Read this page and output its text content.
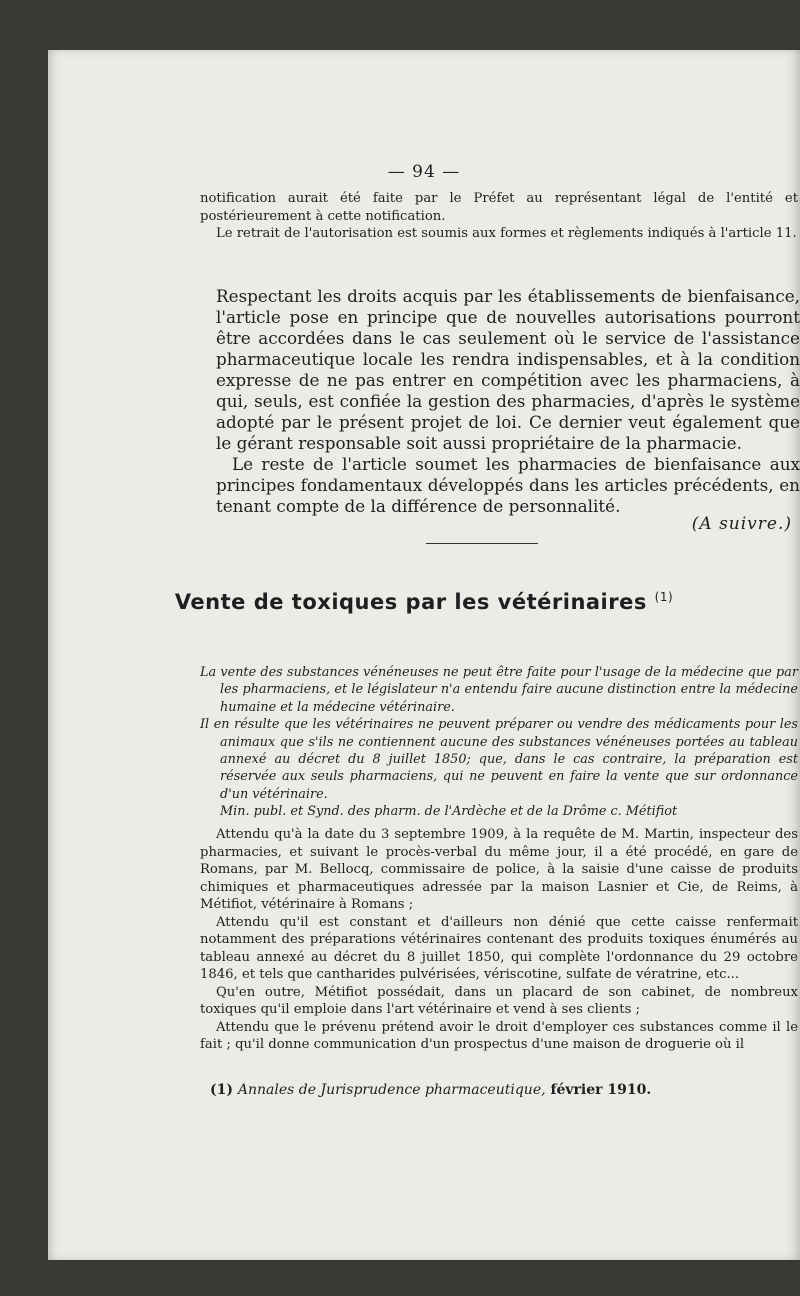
— 94 —

notification aurait été faite par le Préfet au représentant légal de l'entité et postérieurement à cette notification.

Le retrait de l'autorisation est soumis aux formes et règlements indiqués à l'article 11.

Respectant les droits acquis par les établissements de bienfaisance, l'article pose en principe que de nouvelles autorisations pourront être accordées dans le cas seulement où le service de l'assistance pharmaceutique locale les rendra indispensables, et à la condition expresse de ne pas entrer en compétition avec les pharmaciens, à qui, seuls, est confiée la gestion des pharmacies, d'après le système adopté par le présent projet de loi. Ce dernier veut également que le gérant responsable soit aussi propriétaire de la pharmacie.

Le reste de l'article soumet les pharmacies de bienfaisance aux principes fondamentaux développés dans les articles précédents, en tenant compte de la différence de personnalité.

(A suivre.)
Vente de toxiques par les vétérinaires $^{(1)}$

La vente des substances vénéneuses ne peut être faite pour l'usage de la médecine que par les pharmaciens, et le législateur n'a entendu faire aucune distinction entre la médecine humaine et la médecine vétérinaire.

Il en résulte que les vétérinaires ne peuvent préparer ou vendre des médicaments pour les animaux que s'ils ne contiennent aucune des substances vénéneuses portées au tableau annexé au décret du 8 juillet 1850; que, dans le cas contraire, la préparation est réservée aux seuls pharmaciens, qui ne peuvent en faire la vente que sur ordonnance d'un vétérinaire.

Min. publ. et Synd. des pharm. de l'Ardèche et de la Drôme c. Métifiot

Attendu qu'à la date du 3 septembre 1909, à la requête de M. Martin, inspecteur des pharmacies, et suivant le procès-verbal du même jour, il a été procédé, en gare de Romans, par M. Bellocq, commissaire de police, à la saisie d'une caisse de produits chimiques et pharmaceutiques adressée par la maison Lasnier et Cie, de Reims, à Métifiot, vétérinaire à Romans ;

Attendu qu'il est constant et d'ailleurs non dénié que cette caisse renfermait notamment des préparations vétérinaires contenant des produits toxiques énumérés au tableau annexé au décret du 8 juillet 1850, qui complète l'ordonnance du 29 octobre 1846, et tels que cantharides pulvérisées, vériscotine, sulfate de vératrine, etc...

Qu'en outre, Métifiot possédait, dans un placard de son cabinet, de nombreux toxiques qu'il emploie dans l'art vétérinaire et vend à ses clients ;

Attendu que le prévenu prétend avoir le droit d'employer ces substances comme il le fait ; qu'il donne communication d'un prospectus d'une maison de droguerie où il

(1) Annales de Jurisprudence pharmaceutique, février 1910.
